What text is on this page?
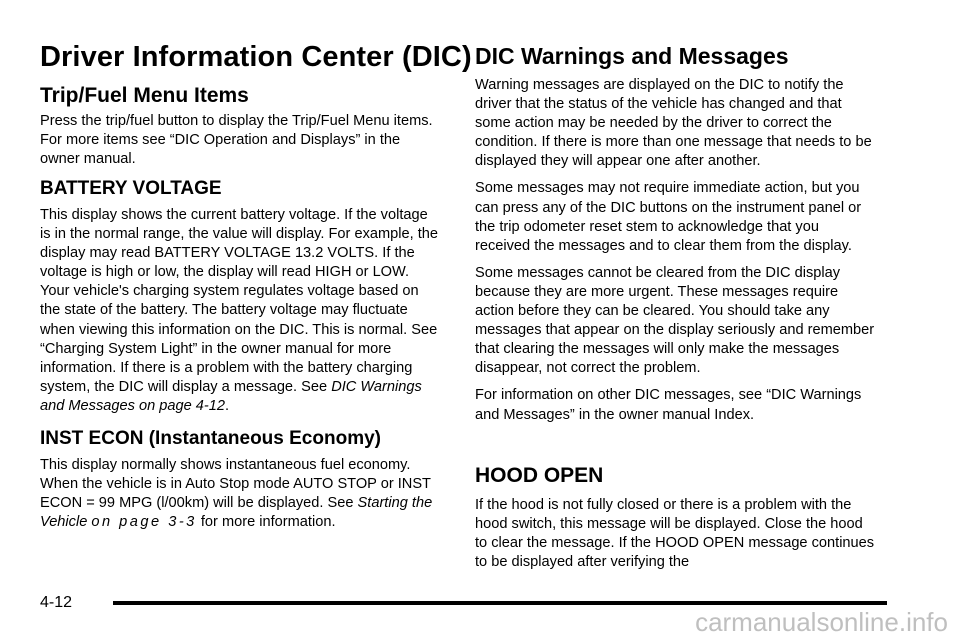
Driver Information Center (DIC)
Trip/Fuel Menu Items

Press the trip/fuel button to display the Trip/Fuel Menu items. For more items see “DIC Operation and Displays” in the owner manual.

BATTERY VOLTAGE

This display shows the current battery voltage. If the voltage is in the normal range, the value will display. For example, the display may read BATTERY VOLTAGE 13.2 VOLTS. If the voltage is high or low, the display will read HIGH or LOW. Your vehicle's charging system regulates voltage based on the state of the battery. The battery voltage may fluctuate when viewing this information on the DIC. This is normal. See “Charging System Light” in the owner manual for more information. If there is a problem with the battery charging system, the DIC will display a message. See DIC Warnings and Messages on page 4-12.

INST ECON (Instantaneous Economy)

This display normally shows instantaneous fuel economy. When the vehicle is in Auto Stop mode AUTO STOP or INST ECON = 99 MPG (l/00km) will be displayed. See Starting the Vehicle on page 3-3 for more information.

DIC Warnings and Messages

Warning messages are displayed on the DIC to notify the driver that the status of the vehicle has changed and that some action may be needed by the driver to correct the condition. If there is more than one message that needs to be displayed they will appear one after another.

Some messages may not require immediate action, but you can press any of the DIC buttons on the instrument panel or the trip odometer reset stem to acknowledge that you received the messages and to clear them from the display.

Some messages cannot be cleared from the DIC display because they are more urgent. These messages require action before they can be cleared. You should take any messages that appear on the display seriously and remember that clearing the messages will only make the messages disappear, not correct the problem.

For information on other DIC messages, see “DIC Warnings and Messages” in the owner manual Index.

HOOD OPEN

If the hood is not fully closed or there is a problem with the hood switch, this message will be displayed. Close the hood to clear the message. If the HOOD OPEN message continues to be displayed after verifying the

4-12
carmanualsonline.info
